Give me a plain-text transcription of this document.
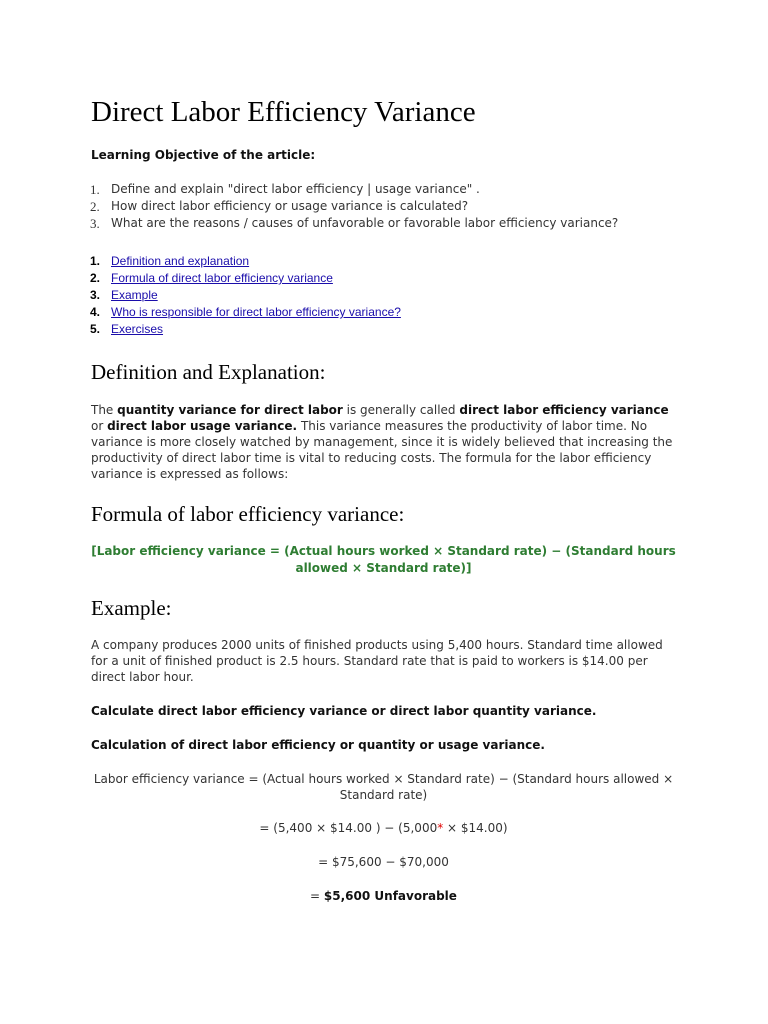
Direct Labor Efficiency Variance
Learning Objective of the article:
1. Define and explain "direct labor efficiency | usage variance" .
2. How direct labor efficiency or usage variance is calculated?
3. What are the reasons / causes of unfavorable or favorable labor efficiency variance?
1. Definition and explanation
2. Formula of direct labor efficiency variance
3. Example
4. Who is responsible for direct labor efficiency variance?
5. Exercises
Definition and Explanation:
The quantity variance for direct labor is generally called direct labor efficiency variance or direct labor usage variance. This variance measures the productivity of labor time. No variance is more closely watched by management, since it is widely believed that increasing the productivity of direct labor time is vital to reducing costs. The formula for the labor efficiency variance is expressed as follows:
Formula of labor efficiency variance:
[Labor efficiency variance = (Actual hours worked × Standard rate) − (Standard hours allowed × Standard rate)]
Example:
A company produces 2000 units of finished products using 5,400 hours. Standard time allowed for a unit of finished product is 2.5 hours. Standard rate that is paid to workers is $14.00 per direct labor hour.
Calculate direct labor efficiency variance or direct labor quantity variance.
Calculation of direct labor efficiency or quantity or usage variance.
Labor efficiency variance = (Actual hours worked × Standard rate) − (Standard hours allowed × Standard rate)
= (5,400 × $14.00 ) − (5,000* × $14.00)
= $75,600 − $70,000
= $5,600 Unfavorable
